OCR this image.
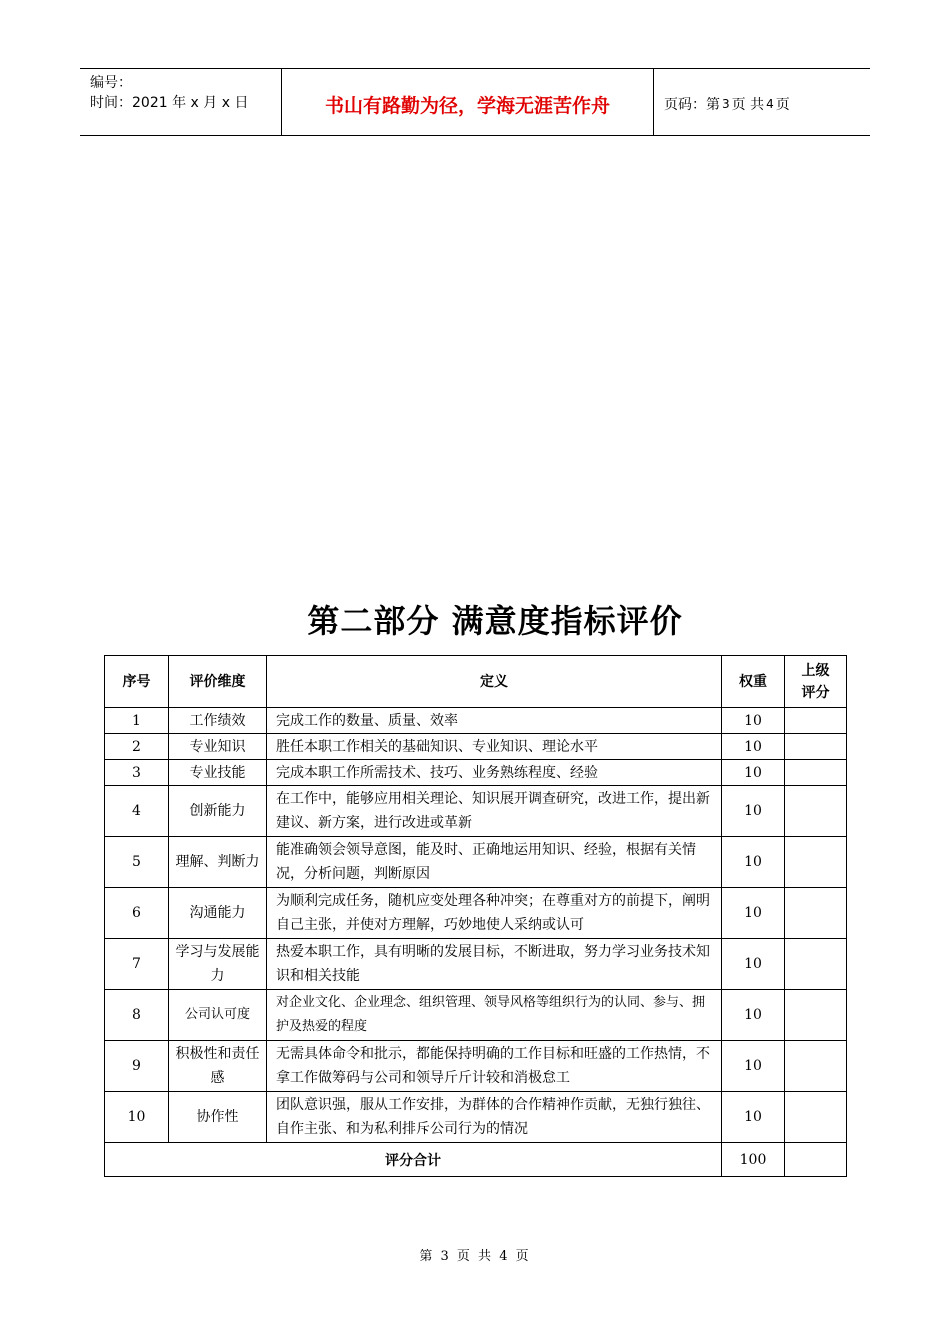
编号：
时间：2021 年 x 月 x 日	书山有路勤为径，学海无涯苦作舟	页码：第 3 页 共 4 页
第二部分 满意度指标评价
序号	评价维度	定义	权重	上级
评分

1	工作绩效	完成工作的数量、质量、效率	10	
2	专业知识	胜任本职工作相关的基础知识、专业知识、理论水平	10	
3	专业技能	完成本职工作所需技术、技巧、业务熟练程度、经验	10	
4	创新能力	在工作中，能够应用相关理论、知识展开调查研究，改进工作，提出新建议、新方案，进行改进或革新	10	
5	理解、判断力	能准确领会领导意图，能及时、正确地运用知识、经验，根据有关情况，分析问题，判断原因	10	
6	沟通能力	为顺利完成任务，随机应变处理各种冲突；在尊重对方的前提下，阐明自己主张，并使对方理解，巧妙地使人采纳或认可	10	
7	学习与发展能力	热爱本职工作，具有明晰的发展目标，不断进取，努力学习业务技术知识和相关技能	10	
8	公司认可度	对企业文化、企业理念、组织管理、领导风格等组织行为的认同、参与、拥护及热爱的程度	10	
9	积极性和责任感	无需具体命令和批示，都能保持明确的工作目标和旺盛的工作热情，不拿工作做筹码与公司和领导斤斤计较和消极怠工	10	
10	协作性	团队意识强，服从工作安排，为群体的合作精神作贡献，无独行独往、自作主张、和为私利排斥公司行为的情况	10	
评分合计			100	
第 3 页 共 4 页
